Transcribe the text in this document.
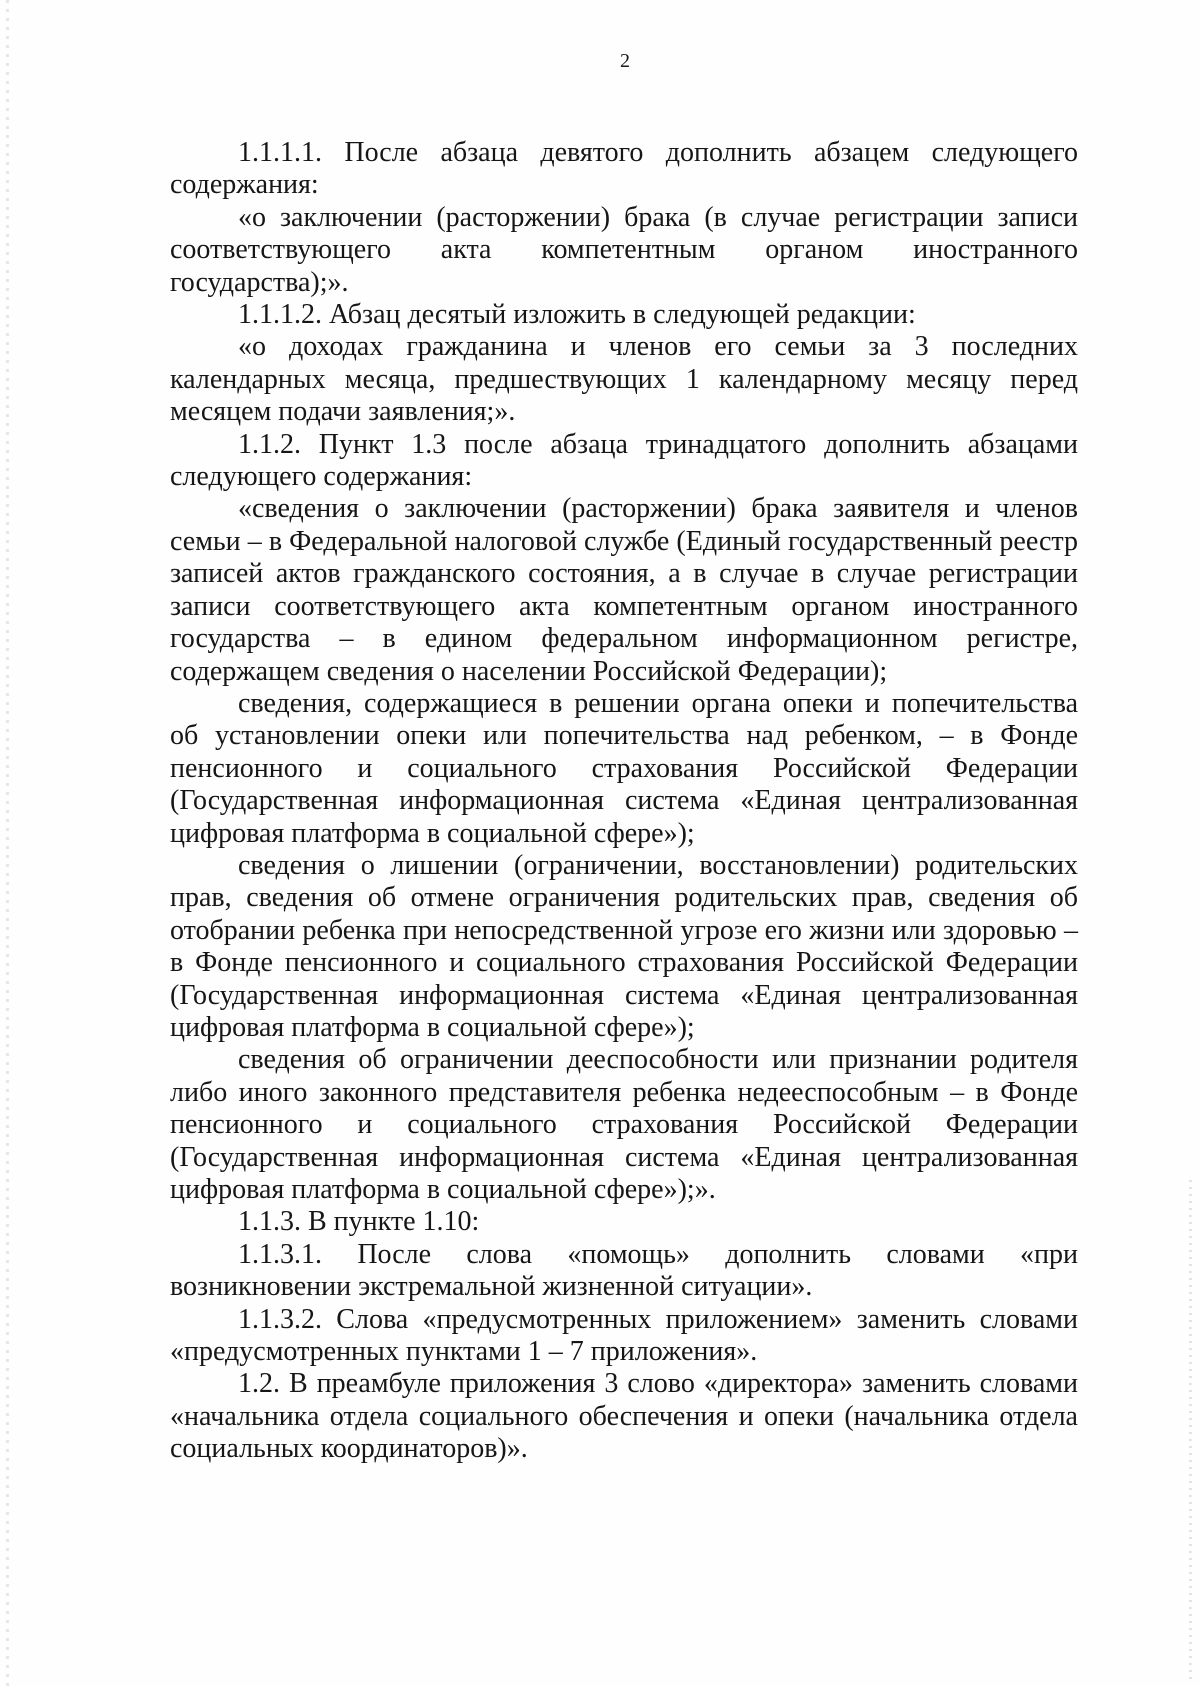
2

1.1.1.1. После абзаца девятого дополнить абзацем следующего содержания:

«о заключении (расторжении) брака (в случае регистрации записи соответствующего акта компетентным органом иностранного государства);».

1.1.1.2. Абзац десятый изложить в следующей редакции:

«о доходах гражданина и членов его семьи за 3 последних календарных месяца, предшествующих 1 календарному месяцу перед месяцем подачи заявления;».

1.1.2. Пункт 1.3 после абзаца тринадцатого дополнить абзацами следующего содержания:

«сведения о заключении (расторжении) брака заявителя и членов семьи – в Федеральной налоговой службе (Единый государственный реестр записей актов гражданского состояния, а в случае в случае регистрации записи соответствующего акта компетентным органом иностранного государства – в едином федеральном информационном регистре, содержащем сведения о населении Российской Федерации);

сведения, содержащиеся в решении органа опеки и попечительства об установлении опеки или попечительства над ребенком, – в Фонде пенсионного и социального страхования Российской Федерации (Государственная информационная система «Единая централизованная цифровая платформа в социальной сфере»);

сведения о лишении (ограничении, восстановлении) родительских прав, сведения об отмене ограничения родительских прав, сведения об отобрании ребенка при непосредственной угрозе его жизни или здоровью – в Фонде пенсионного и социального страхования Российской Федерации (Государственная информационная система «Единая централизованная цифровая платформа в социальной сфере»);

сведения об ограничении дееспособности или признании родителя либо иного законного представителя ребенка недееспособным – в Фонде пенсионного и социального страхования Российской Федерации (Государственная информационная система «Единая централизованная цифровая платформа в социальной сфере»);».

1.1.3. В пункте 1.10:

1.1.3.1. После слова «помощь» дополнить словами «при возникновении экстремальной жизненной ситуации».

1.1.3.2. Слова «предусмотренных приложением» заменить словами «предусмотренных пунктами 1 – 7 приложения».

1.2. В преамбуле приложения 3 слово «директора» заменить словами «начальника отдела социального обеспечения и опеки (начальника отдела социальных координаторов)».
